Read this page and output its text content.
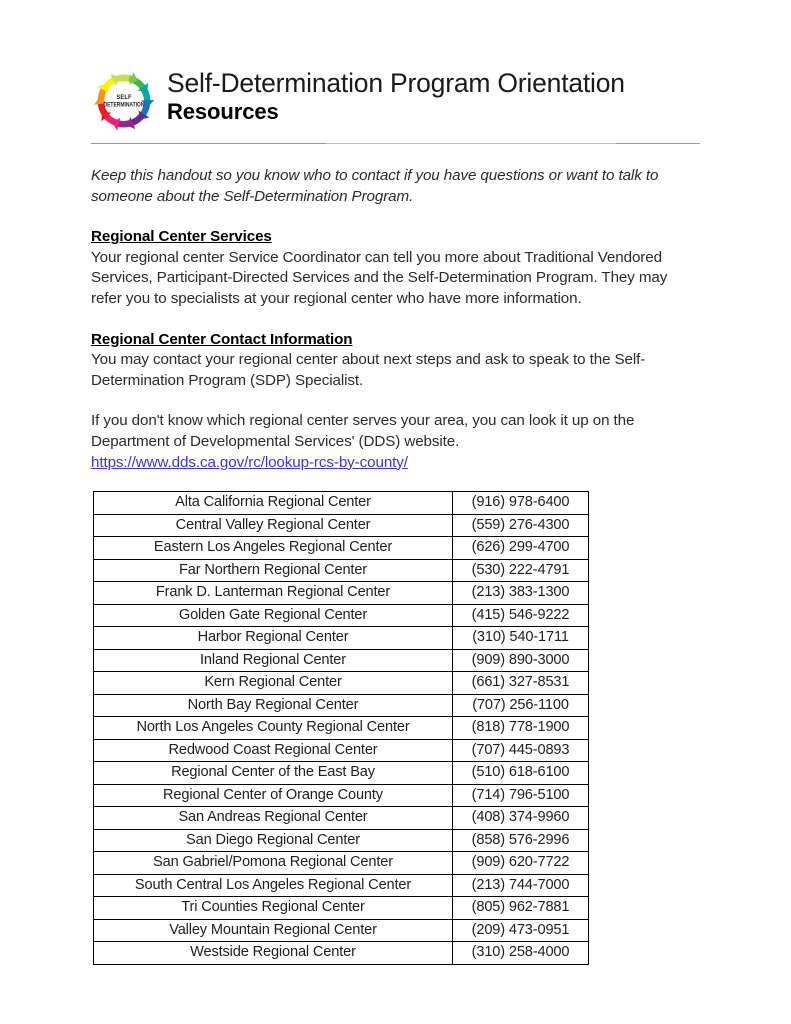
SELF
DETERMINATION
Self-Determination Program Orientation
Resources

Keep this handout so you know who to contact if you have questions or want to talk to someone about the Self-Determination Program.

Regional Center Services
Your regional center Service Coordinator can tell you more about Traditional Vendored Services, Participant-Directed Services and the Self-Determination Program. They may refer you to specialists at your regional center who have more information.
Regional Center Contact Information
You may contact your regional center about next steps and ask to speak to the Self-Determination Program (SDP) Specialist.
If you don't know which regional center serves your area, you can look it up on the Department of Developmental Services' (DDS) website.
https://www.dds.ca.gov/rc/lookup-rcs-by-county/
Alta California Regional Center	(916) 978-6400
Central Valley Regional Center	(559) 276-4300
Eastern Los Angeles Regional Center	(626) 299-4700
Far Northern Regional Center	(530) 222-4791
Frank D. Lanterman Regional Center	(213) 383-1300
Golden Gate Regional Center	(415) 546-9222
Harbor Regional Center	(310) 540-1711
Inland Regional Center	(909) 890-3000
Kern Regional Center	(661) 327-8531
North Bay Regional Center	(707) 256-1100
North Los Angeles County Regional Center	(818) 778-1900
Redwood Coast Regional Center	(707) 445-0893
Regional Center of the East Bay	(510) 618-6100
Regional Center of Orange County	(714) 796-5100
San Andreas Regional Center	(408) 374-9960
San Diego Regional Center	(858) 576-2996
San Gabriel/Pomona Regional Center	(909) 620-7722
South Central Los Angeles Regional Center	(213) 744-7000
Tri Counties Regional Center	(805) 962-7881
Valley Mountain Regional Center	(209) 473-0951
Westside Regional Center	(310) 258-4000
